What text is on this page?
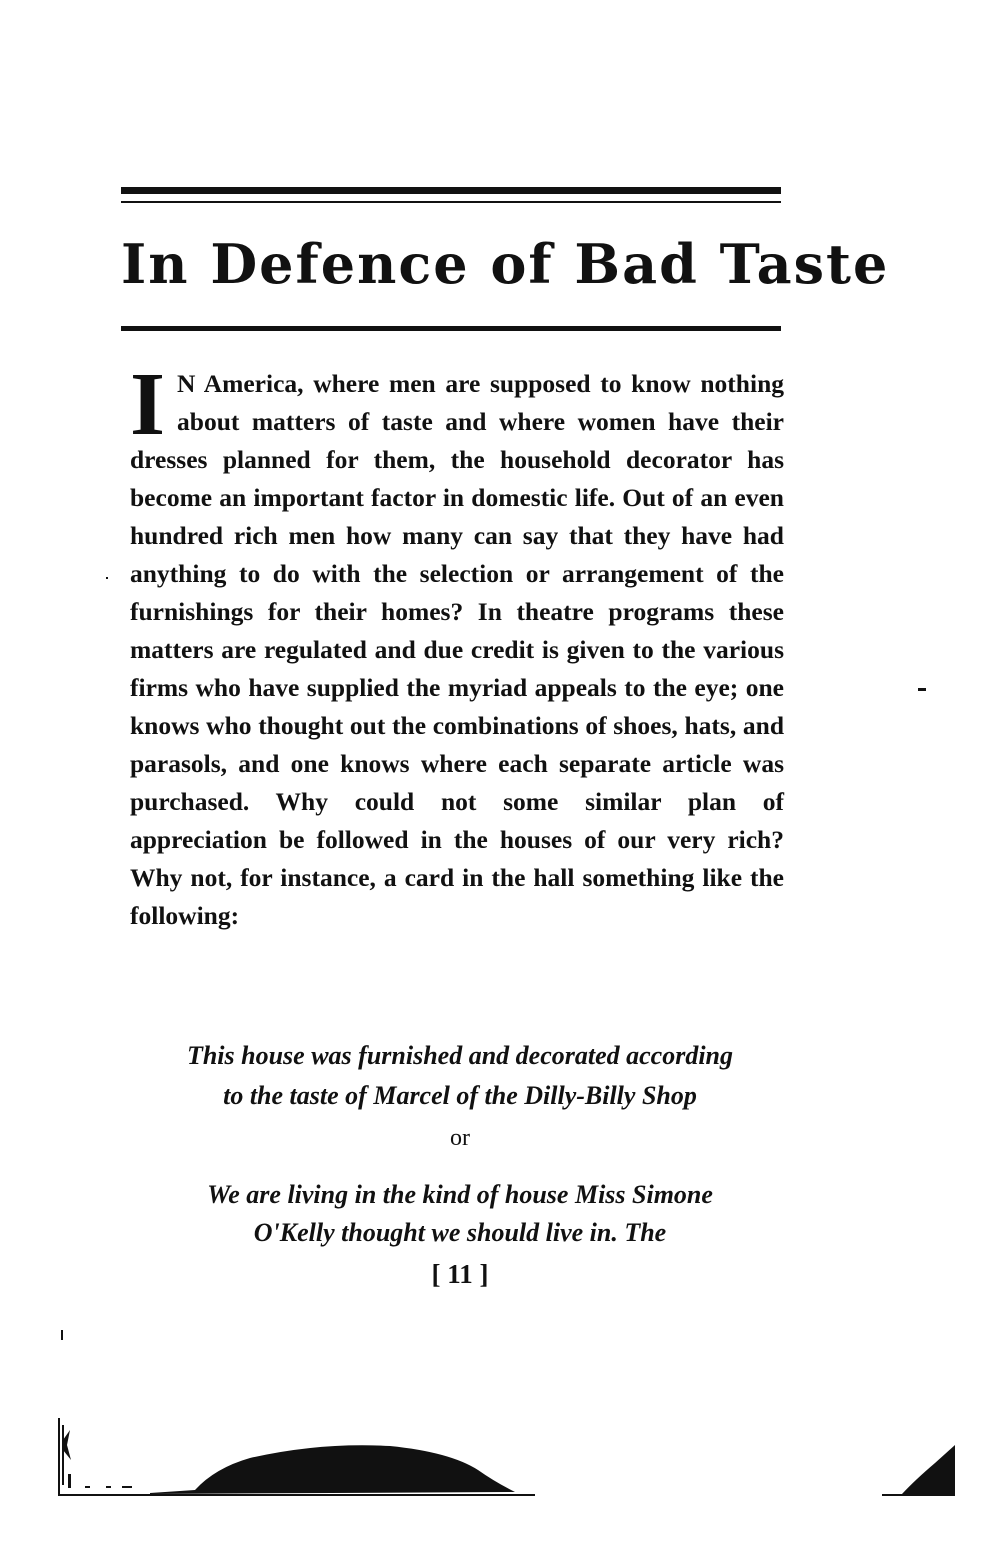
In Defence of Bad Taste

I N America, where men are supposed to know nothing about matters of taste and where women have their dresses planned for them, the household decorator has become an important factor in domestic life. Out of an even hundred rich men how many can say that they have had anything to do with the selection or arrangement of the furnishings for their homes? In theatre programs these matters are regulated and due credit is given to the various firms who have supplied the myriad appeals to the eye; one knows who thought out the combinations of shoes, hats, and parasols, and one knows where each separate article was purchased. Why could not some similar plan of appreciation be followed in the houses of our very rich? Why not, for instance, a card in the hall something like the following:

This house was furnished and decorated according

to the taste of Marcel of the Dilly-Billy Shop

or

We are living in the kind of house Miss Simone

O'Kelly thought we should live in. The

[ 11 ]
